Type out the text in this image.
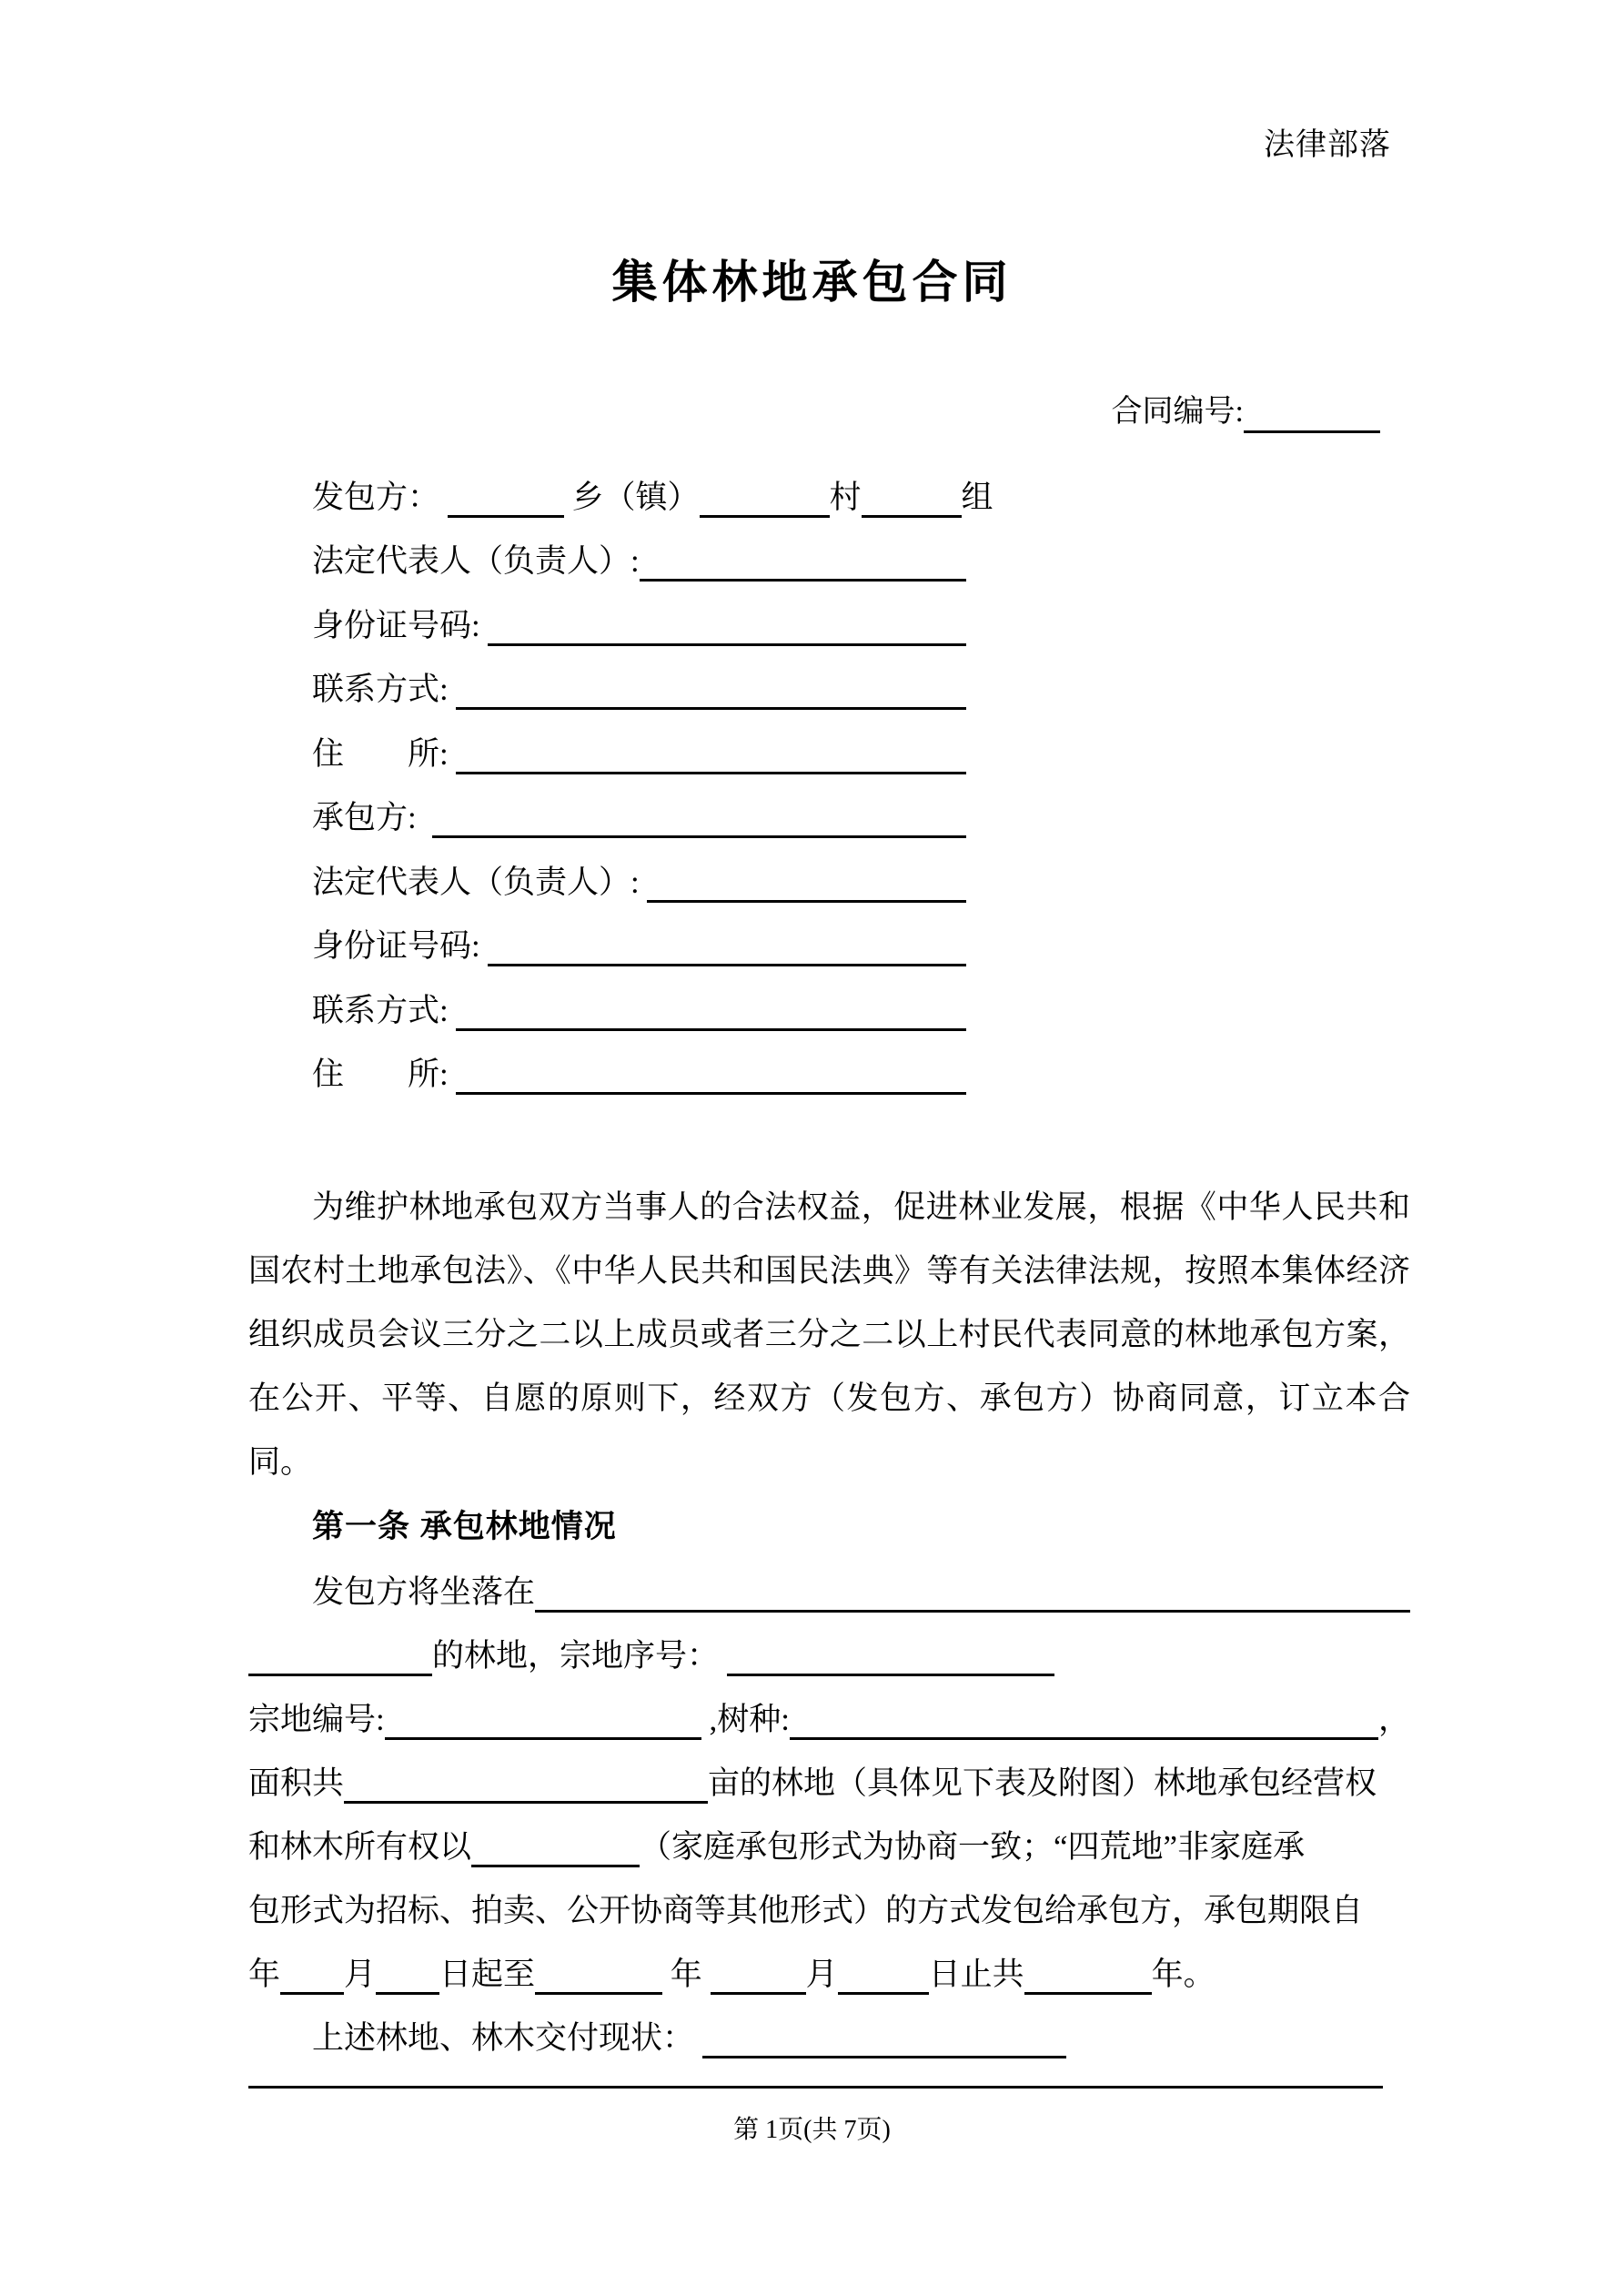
法律部落
集体林地承包合同
合同编号:
发包方：	乡（镇）	村	组
法定代表人（负责人）:
身份证号码:
联系方式:
住　　所:
承包方:
法定代表人（负责人）:
身份证号码:
联系方式:
住　　所:

为维护林地承包双方当事人的合法权益，促进林业发展，根据《中华人民共和国农村土地承包法》、《中华人民共和国民法典》等有关法律法规，按照本集体经济组织成员会议三分之二以上成员或者三分之二以上村民代表同意的林地承包方案，在公开、平等、自愿的原则下，经双方（发包方、承包方）协商同意，订立本合同。

第一条 承包林地情况
发包方将坐落在
的林地，宗地序号：
宗地编号:	,树种:	，
面积共	亩的林地（具体见下表及附图）林地承包经营权
和林木所有权以	（家庭承包形式为协商一致；“四荒地”非家庭承
包形式为招标、拍卖、公开协商等其他形式）的方式发包给承包方，承包期限自
年 月 日起至	年	月	日止共	年。
上述林地、林木交付现状：
第 1页(共 7页)
